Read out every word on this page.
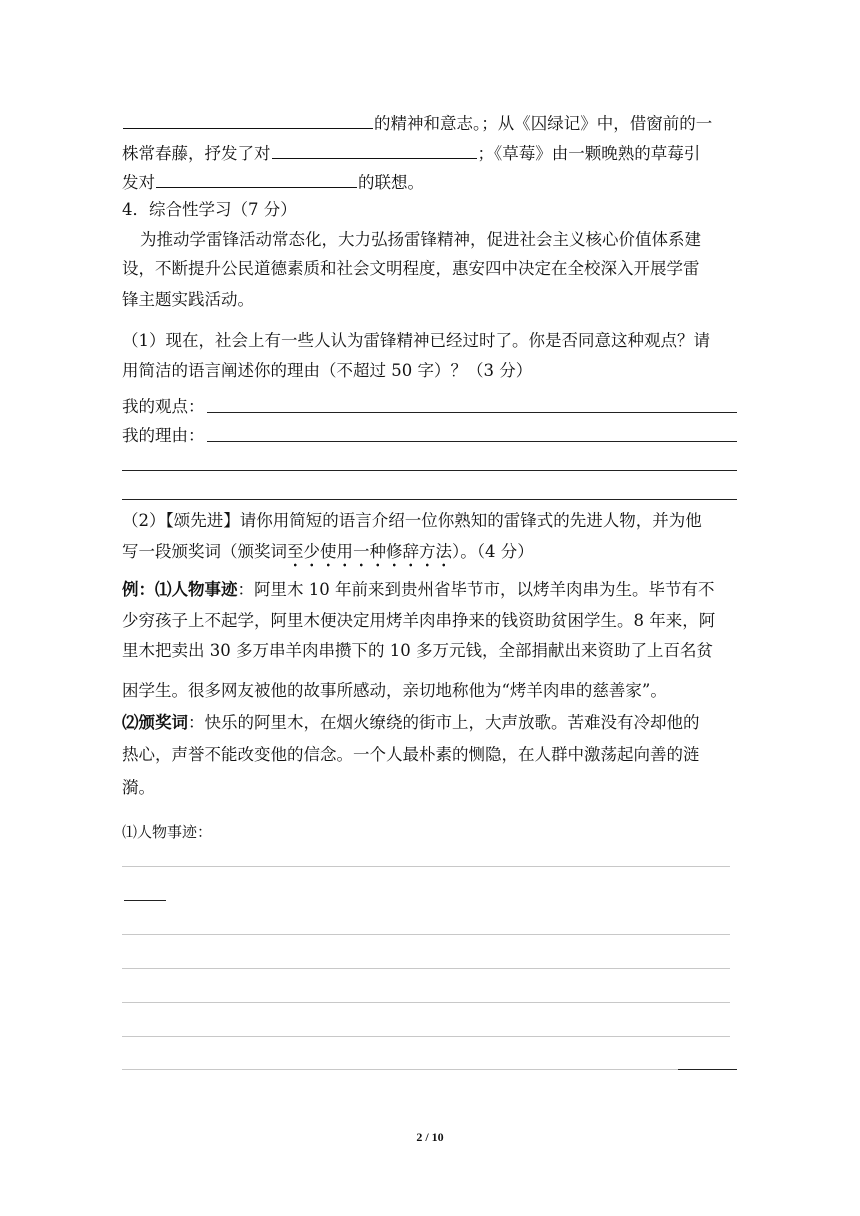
的精神和意志。；从《囚绿记》中，借窗前的一
株常春藤，抒发了对	；《草莓》由一颗晚熟的草莓引
发对	的联想。
4．综合性学习（7 分）
为推动学雷锋活动常态化，大力弘扬雷锋精神，促进社会主义核心价值体系建
设，不断提升公民道德素质和社会文明程度，惠安四中决定在全校深入开展学雷
锋主题实践活动。
（1）现在，社会上有一些人认为雷锋精神已经过时了。你是否同意这种观点？请
用简洁的语言阐述你的理由（不超过 50 字）？（3 分）
我的观点：
我的理由：
（2）【颂先进】请你用简短的语言介绍一位你熟知的雷锋式的先进人物，并为他
写一段颁奖词（颁奖词至少使用一种修辞方法）。（4 分）
例：⑴人物事迹：阿里木 10 年前来到贵州省毕节市，以烤羊肉串为生。毕节有不
少穷孩子上不起学，阿里木便决定用烤羊肉串挣来的钱资助贫困学生。8 年来，阿
里木把卖出 30 多万串羊肉串攒下的 10 多万元钱，全部捐献出来资助了上百名贫
困学生。很多网友被他的故事所感动，亲切地称他为“烤羊肉串的慈善家”。
⑵颁奖词：快乐的阿里木，在烟火缭绕的街市上，大声放歌。苦难没有冷却他的
热心，声誉不能改变他的信念。一个人最朴素的恻隐，在人群中激荡起向善的涟
漪。
⑴人物事迹：
2 / 10
